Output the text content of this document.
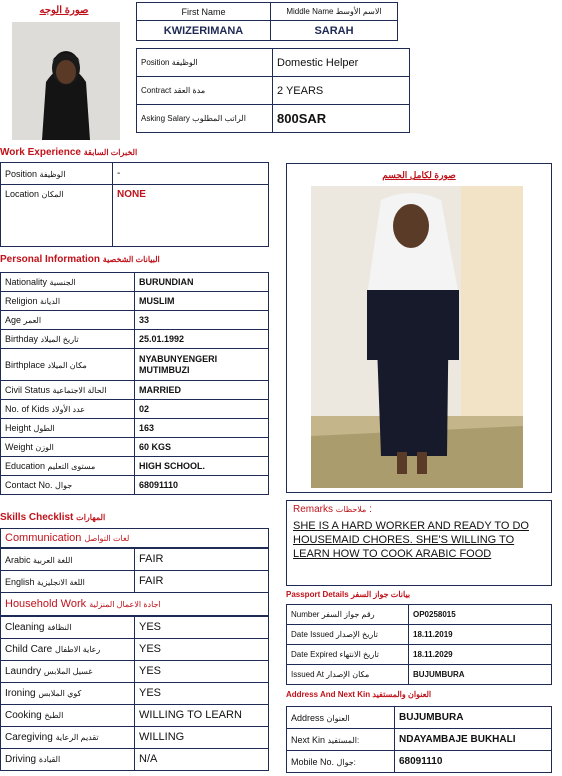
صورة الوجه	First Name	Middle Name الاسم الأوسط
KWIZERIMANA	SARAH
Position الوظيفة	Domestic Helper
Contract مدة العقد	2 YEARS
Asking Salary الراتب المطلوب	800SAR
Work Experience الخبرات السابقة
Position الوظيفة	-
Location المكان	NONE
Personal Information البيانات الشخصية
Nationality الجنسية	BURUNDIAN
Religion الديانة	MUSLIM
Age العمر	33
Birthday تاريخ الميلاد	25.01.1992
Birthplace مكان الميلاد	NYABUNYENGERI MUTIMBUZI
Civil Status الحالة الاجتماعية	MARRIED
No. of Kids عدد الأولاد	02
Height الطول	163
Weight الوزن	60 KGS
Education مستوى التعليم	HIGH SCHOOL.
Contact No. جوال	68091110
Skills Checklist المهارات
Communication لغات التواصل
Arabic اللغة العربية	FAIR
English اللغة الانجليزية	FAIR
Household Work اجادة الاعمال المنزلية
Cleaning النظافة	YES
Child Care رعاية الاطفال	YES
Laundry غسيل الملابس	YES
Ironing كوي الملابس	YES
Cooking الطبخ	WILLING TO LEARN
Caregiving تقديم الرعاية	WILLING
Driving القيادة	N/A
صورة لكامل الجسم
Remarks ملاحظات :
SHE IS A HARD WORKER AND READY TO DO HOUSEMAID CHORES. SHE'S WILLING TO LEARN HOW TO COOK ARABIC FOOD
Passport Details بيانات جواز السفر
Number رقم جواز السفر	OP0258015
Date Issued تاريخ الإصدار	18.11.2019
Date Expired تاريخ الانتهاء	18.11.2029
Issued At مكان الإصدار	BUJUMBURA
Address And Next Kin العنوان والمستفيد
Address العنوان	BUJUMBURA
Next Kin المستفيد:	NDAYAMBAJE BUKHALI
Mobile No. جوال:	68091110
